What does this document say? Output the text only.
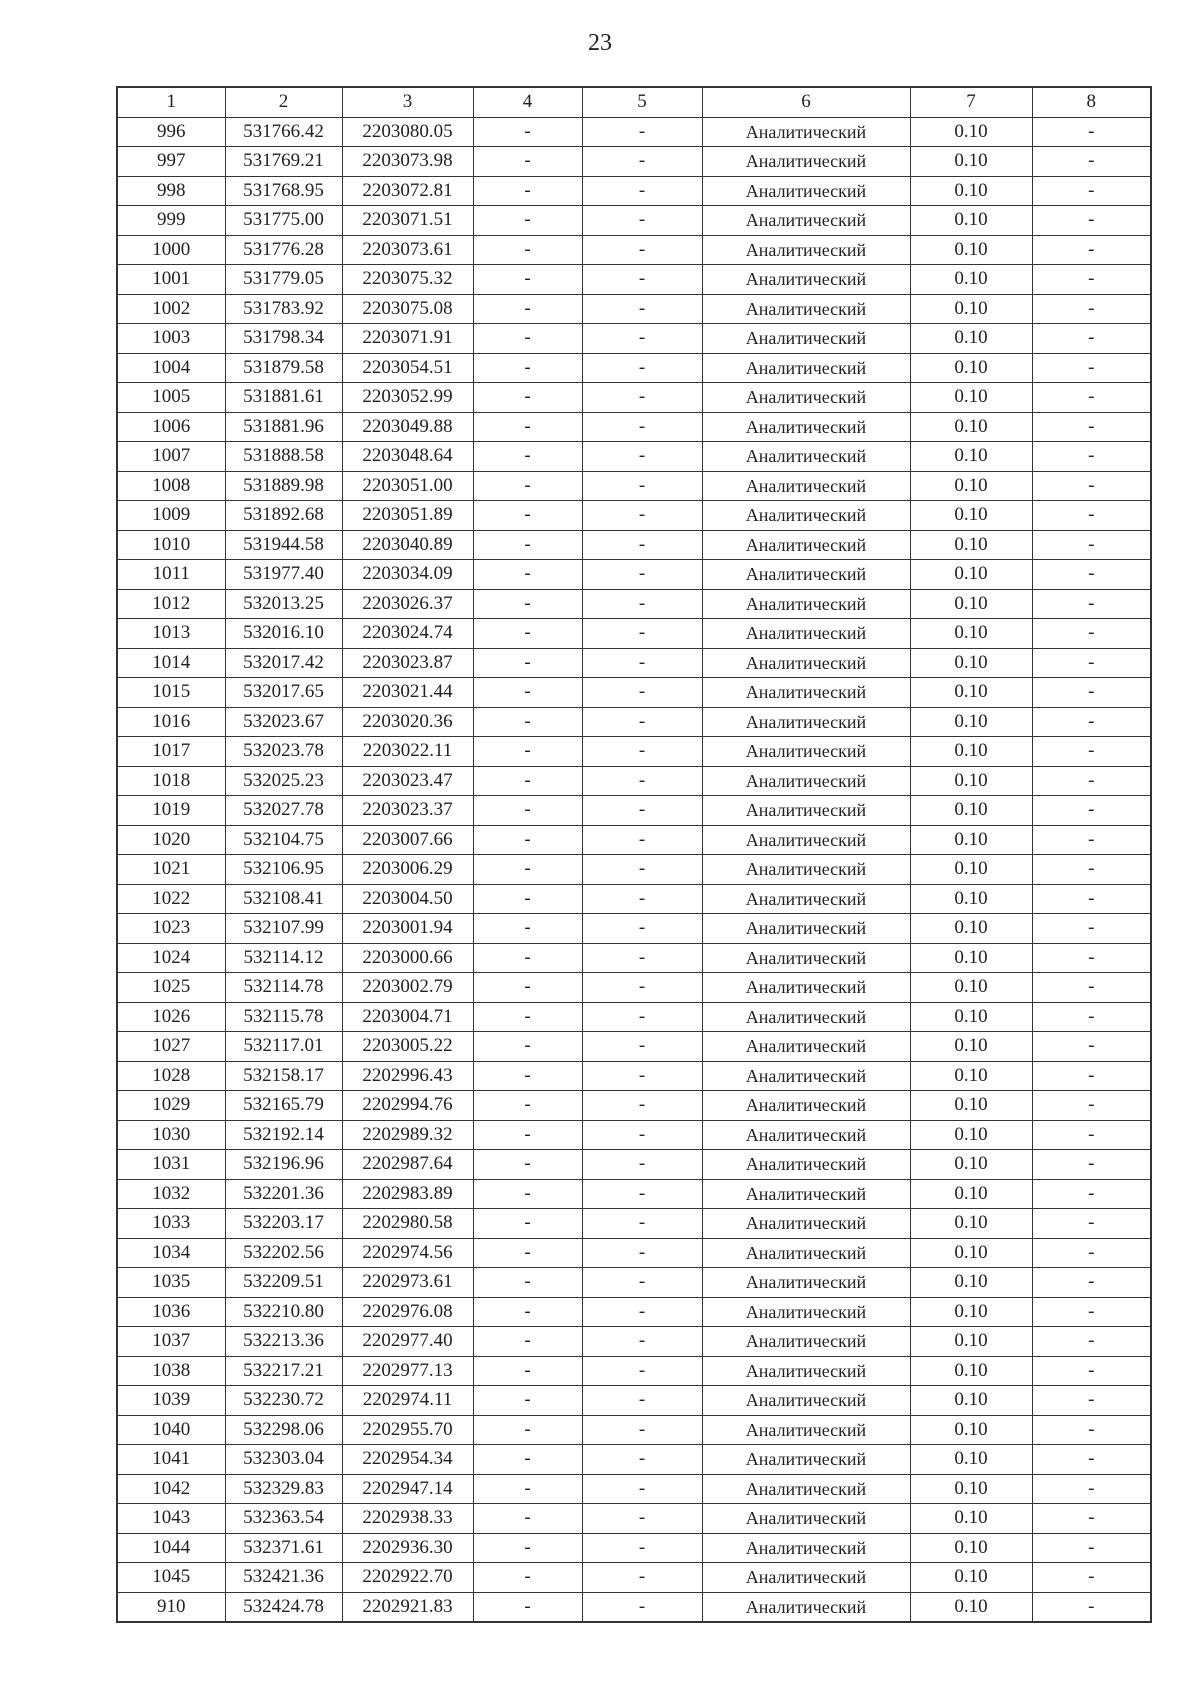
23
1	2	3	4	5	6	7	8
996	531766.42	2203080.05	-	-	Аналитический	0.10	-
997	531769.21	2203073.98	-	-	Аналитический	0.10	-
998	531768.95	2203072.81	-	-	Аналитический	0.10	-
999	531775.00	2203071.51	-	-	Аналитический	0.10	-
1000	531776.28	2203073.61	-	-	Аналитический	0.10	-
1001	531779.05	2203075.32	-	-	Аналитический	0.10	-
1002	531783.92	2203075.08	-	-	Аналитический	0.10	-
1003	531798.34	2203071.91	-	-	Аналитический	0.10	-
1004	531879.58	2203054.51	-	-	Аналитический	0.10	-
1005	531881.61	2203052.99	-	-	Аналитический	0.10	-
1006	531881.96	2203049.88	-	-	Аналитический	0.10	-
1007	531888.58	2203048.64	-	-	Аналитический	0.10	-
1008	531889.98	2203051.00	-	-	Аналитический	0.10	-
1009	531892.68	2203051.89	-	-	Аналитический	0.10	-
1010	531944.58	2203040.89	-	-	Аналитический	0.10	-
1011	531977.40	2203034.09	-	-	Аналитический	0.10	-
1012	532013.25	2203026.37	-	-	Аналитический	0.10	-
1013	532016.10	2203024.74	-	-	Аналитический	0.10	-
1014	532017.42	2203023.87	-	-	Аналитический	0.10	-
1015	532017.65	2203021.44	-	-	Аналитический	0.10	-
1016	532023.67	2203020.36	-	-	Аналитический	0.10	-
1017	532023.78	2203022.11	-	-	Аналитический	0.10	-
1018	532025.23	2203023.47	-	-	Аналитический	0.10	-
1019	532027.78	2203023.37	-	-	Аналитический	0.10	-
1020	532104.75	2203007.66	-	-	Аналитический	0.10	-
1021	532106.95	2203006.29	-	-	Аналитический	0.10	-
1022	532108.41	2203004.50	-	-	Аналитический	0.10	-
1023	532107.99	2203001.94	-	-	Аналитический	0.10	-
1024	532114.12	2203000.66	-	-	Аналитический	0.10	-
1025	532114.78	2203002.79	-	-	Аналитический	0.10	-
1026	532115.78	2203004.71	-	-	Аналитический	0.10	-
1027	532117.01	2203005.22	-	-	Аналитический	0.10	-
1028	532158.17	2202996.43	-	-	Аналитический	0.10	-
1029	532165.79	2202994.76	-	-	Аналитический	0.10	-
1030	532192.14	2202989.32	-	-	Аналитический	0.10	-
1031	532196.96	2202987.64	-	-	Аналитический	0.10	-
1032	532201.36	2202983.89	-	-	Аналитический	0.10	-
1033	532203.17	2202980.58	-	-	Аналитический	0.10	-
1034	532202.56	2202974.56	-	-	Аналитический	0.10	-
1035	532209.51	2202973.61	-	-	Аналитический	0.10	-
1036	532210.80	2202976.08	-	-	Аналитический	0.10	-
1037	532213.36	2202977.40	-	-	Аналитический	0.10	-
1038	532217.21	2202977.13	-	-	Аналитический	0.10	-
1039	532230.72	2202974.11	-	-	Аналитический	0.10	-
1040	532298.06	2202955.70	-	-	Аналитический	0.10	-
1041	532303.04	2202954.34	-	-	Аналитический	0.10	-
1042	532329.83	2202947.14	-	-	Аналитический	0.10	-
1043	532363.54	2202938.33	-	-	Аналитический	0.10	-
1044	532371.61	2202936.30	-	-	Аналитический	0.10	-
1045	532421.36	2202922.70	-	-	Аналитический	0.10	-
910	532424.78	2202921.83	-	-	Аналитический	0.10	-
